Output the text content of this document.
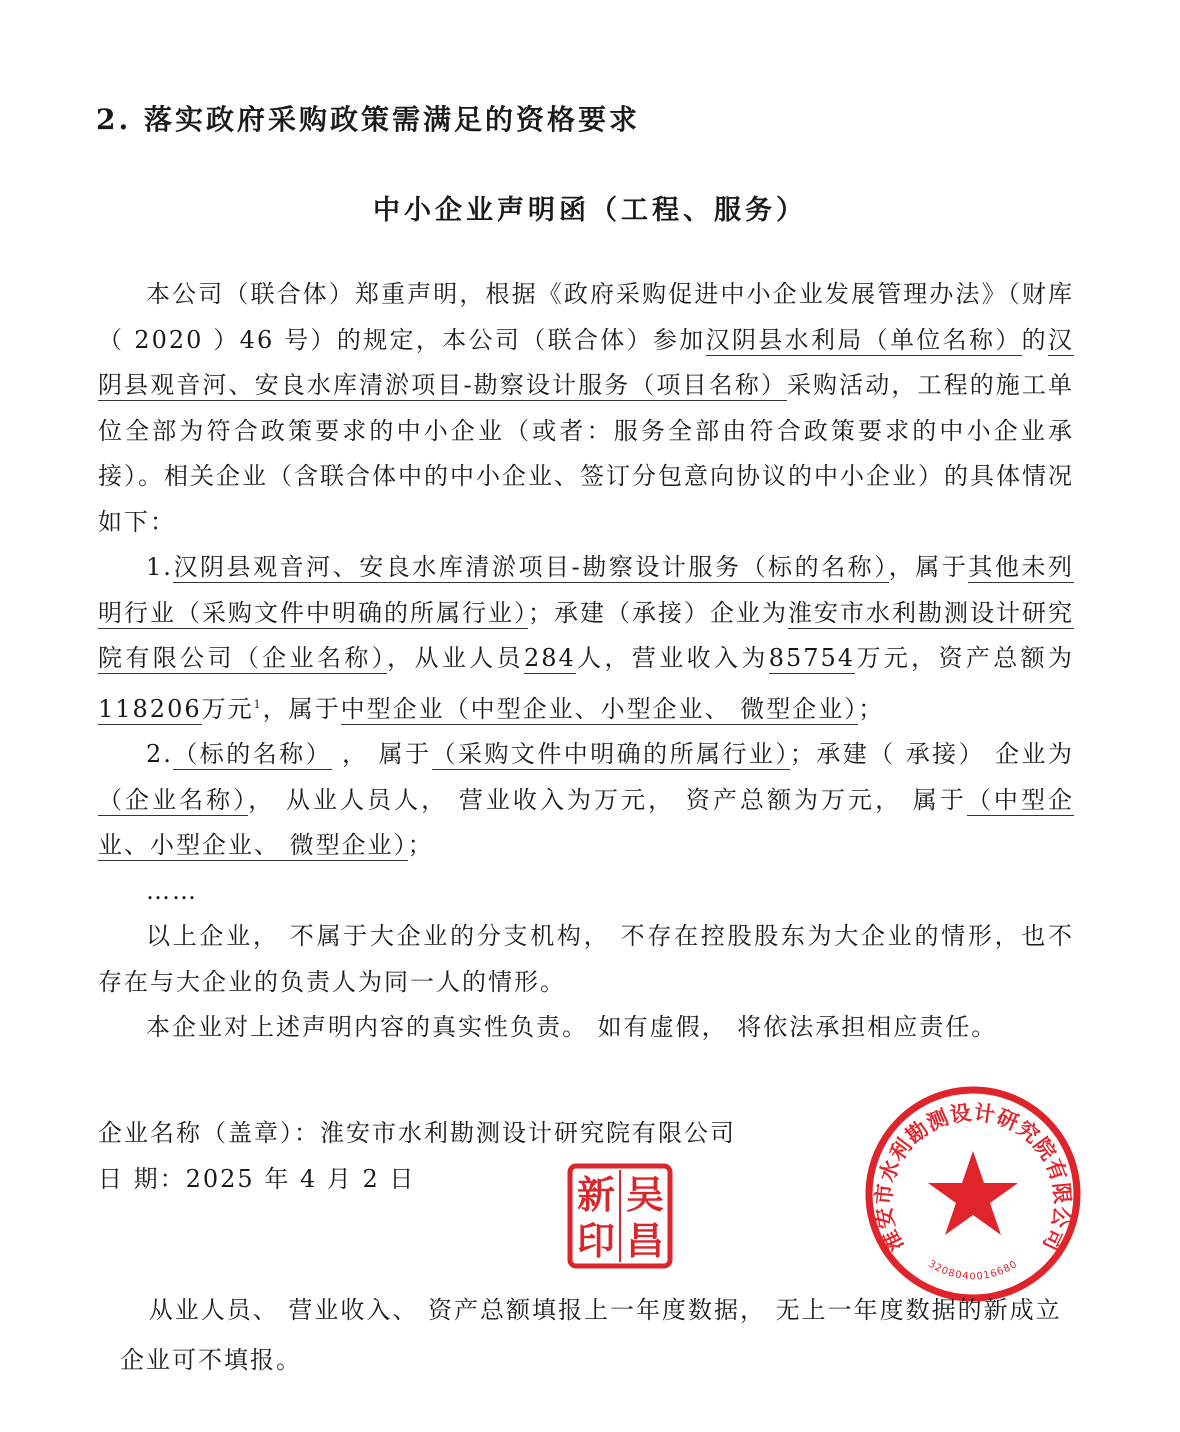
2. 落实政府采购政策需满足的资格要求
中小企业声明函（工程、服务）

本公司（联合体）郑重声明，根据《政府采购促进中小企业发展管理办法》（财库（ 2020 ）46 号）的规定，本公司（联合体）参加汉阴县水利局（单位名称）的汉阴县观音河、安良水库清淤项目-勘察设计服务（项目名称）采购活动，工程的施工单位全部为符合政策要求的中小企业（或者：服务全部由符合政策要求的中小企业承接）。相关企业（含联合体中的中小企业、签订分包意向协议的中小企业）的具体情况如下：

1.汉阴县观音河、安良水库清淤项目-勘察设计服务（标的名称），属于其他未列明行业（采购文件中明确的所属行业）；承建（承接）企业为淮安市水利勘测设计研究院有限公司（企业名称），从业人员284人，营业收入为85754万元，资产总额为118206万元$^1$，属于中型企业（中型企业、小型企业、 微型企业）；

2.（标的名称） ， 属于（采购文件中明确的所属行业）；承建（ 承接） 企业为（企业名称）， 从业人员人， 营业收入为万元， 资产总额为万元， 属于（中型企业、小型企业、 微型企业）；

……

以上企业， 不属于大企业的分支机构， 不存在控股股东为大企业的情形，也不存在与大企业的负责人为同一人的情形。

本企业对上述声明内容的真实性负责。 如有虚假， 将依法承担相应责任。

企业名称（盖章）：淮安市水利勘测设计研究院有限公司
日 期：2025 年 4 月 2 日	吴
昌
新
印	淮安市水利勘测设计研究院有限公司
3208040016680

从业人员、 营业收入、 资产总额填报上一年度数据， 无上一年度数据的新成立企业可不填报。
